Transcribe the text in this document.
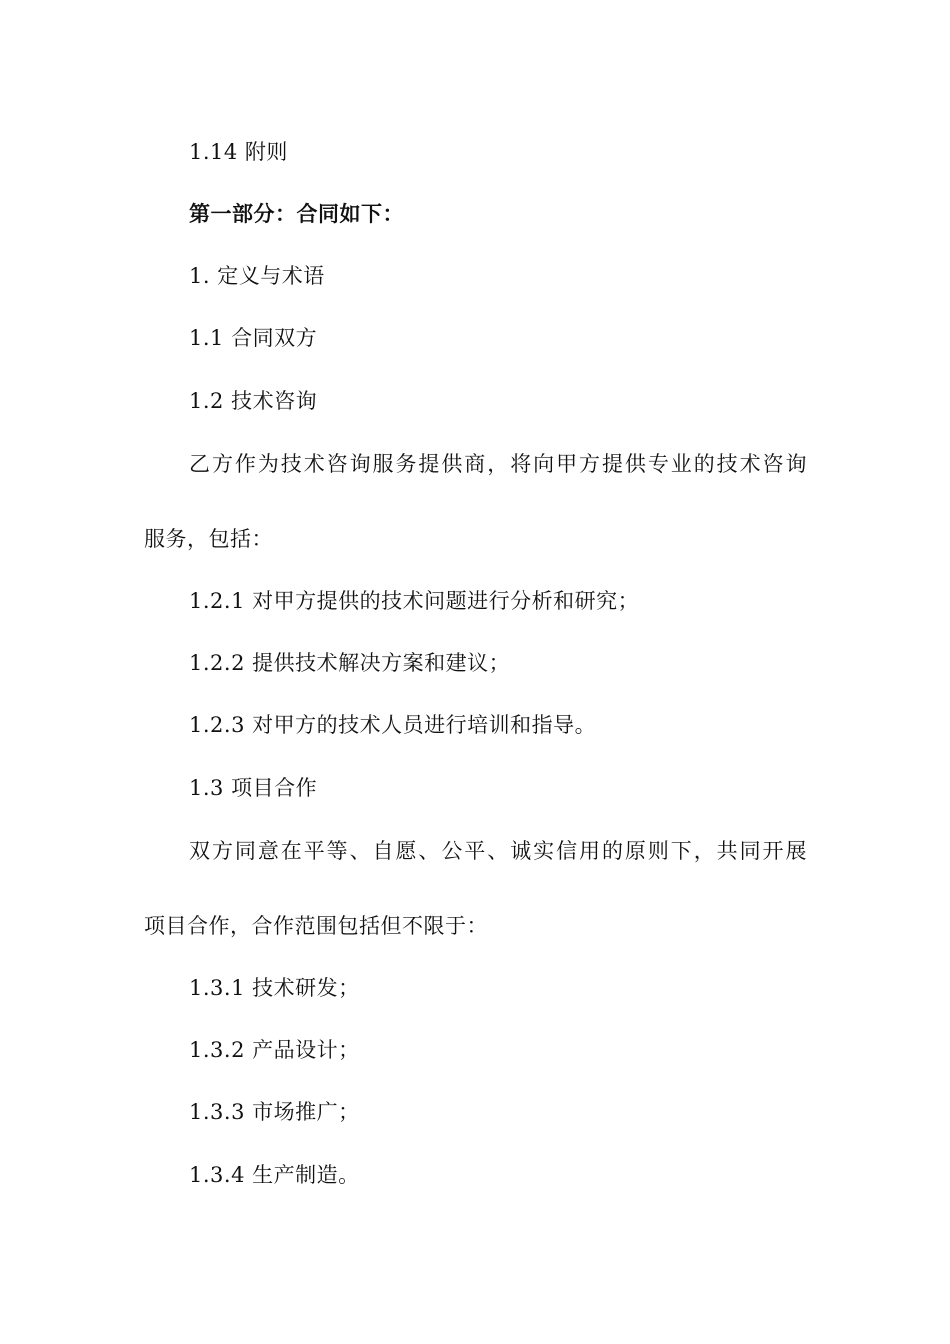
1.14 附则
第一部分：合同如下：
1. 定义与术语
1.1 合同双方
1.2 技术咨询
乙方作为技术咨询服务提供商，将向甲方提供专业的技术咨询
服务，包括：
1.2.1 对甲方提供的技术问题进行分析和研究；
1.2.2 提供技术解决方案和建议；
1.2.3 对甲方的技术人员进行培训和指导。
1.3 项目合作
双方同意在平等、自愿、公平、诚实信用的原则下，共同开展
项目合作，合作范围包括但不限于：
1.3.1 技术研发；
1.3.2 产品设计；
1.3.3 市场推广；
1.3.4 生产制造。
